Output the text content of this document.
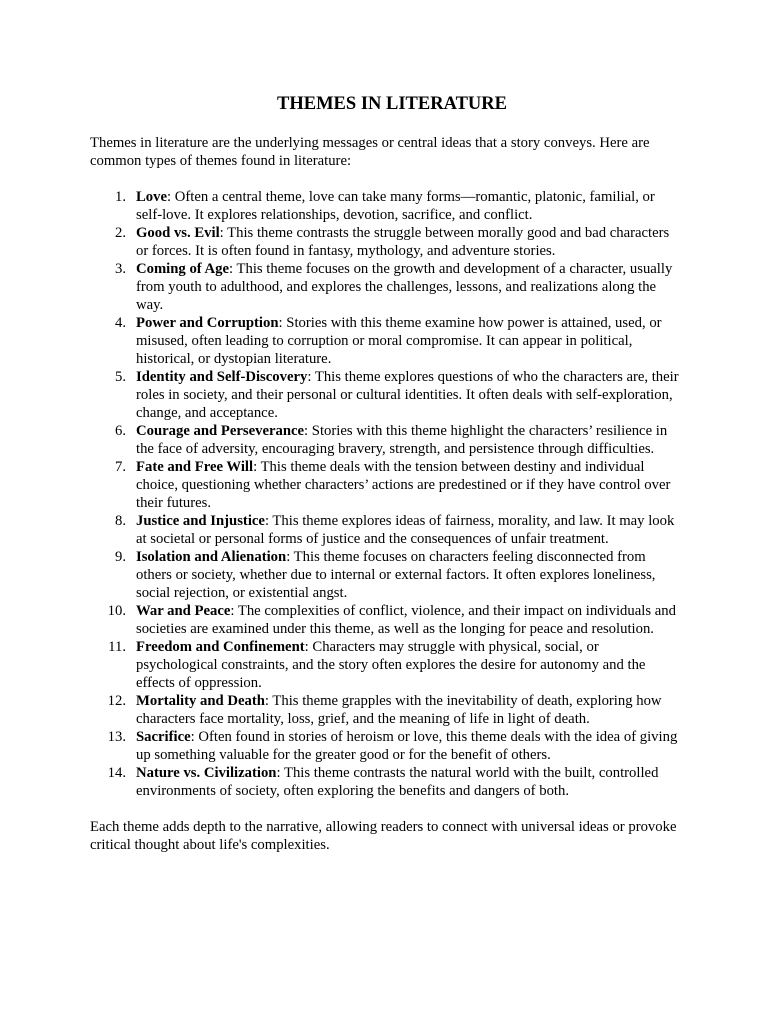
THEMES IN LITERATURE

Themes in literature are the underlying messages or central ideas that a story conveys. Here are common types of themes found in literature:

1. Love: Often a central theme, love can take many forms—romantic, platonic, familial, or self-love. It explores relationships, devotion, sacrifice, and conflict.
2. Good vs. Evil: This theme contrasts the struggle between morally good and bad characters or forces. It is often found in fantasy, mythology, and adventure stories.
3. Coming of Age: This theme focuses on the growth and development of a character, usually from youth to adulthood, and explores the challenges, lessons, and realizations along the way.
4. Power and Corruption: Stories with this theme examine how power is attained, used, or misused, often leading to corruption or moral compromise. It can appear in political, historical, or dystopian literature.
5. Identity and Self-Discovery: This theme explores questions of who the characters are, their roles in society, and their personal or cultural identities. It often deals with self-exploration, change, and acceptance.
6. Courage and Perseverance: Stories with this theme highlight the characters’ resilience in the face of adversity, encouraging bravery, strength, and persistence through difficulties.
7. Fate and Free Will: This theme deals with the tension between destiny and individual choice, questioning whether characters’ actions are predestined or if they have control over their futures.
8. Justice and Injustice: This theme explores ideas of fairness, morality, and law. It may look at societal or personal forms of justice and the consequences of unfair treatment.
9. Isolation and Alienation: This theme focuses on characters feeling disconnected from others or society, whether due to internal or external factors. It often explores loneliness, social rejection, or existential angst.
10. War and Peace: The complexities of conflict, violence, and their impact on individuals and societies are examined under this theme, as well as the longing for peace and resolution.
11. Freedom and Confinement: Characters may struggle with physical, social, or psychological constraints, and the story often explores the desire for autonomy and the effects of oppression.
12. Mortality and Death: This theme grapples with the inevitability of death, exploring how characters face mortality, loss, grief, and the meaning of life in light of death.
13. Sacrifice: Often found in stories of heroism or love, this theme deals with the idea of giving up something valuable for the greater good or for the benefit of others.
14. Nature vs. Civilization: This theme contrasts the natural world with the built, controlled environments of society, often exploring the benefits and dangers of both.

Each theme adds depth to the narrative, allowing readers to connect with universal ideas or provoke critical thought about life's complexities.
